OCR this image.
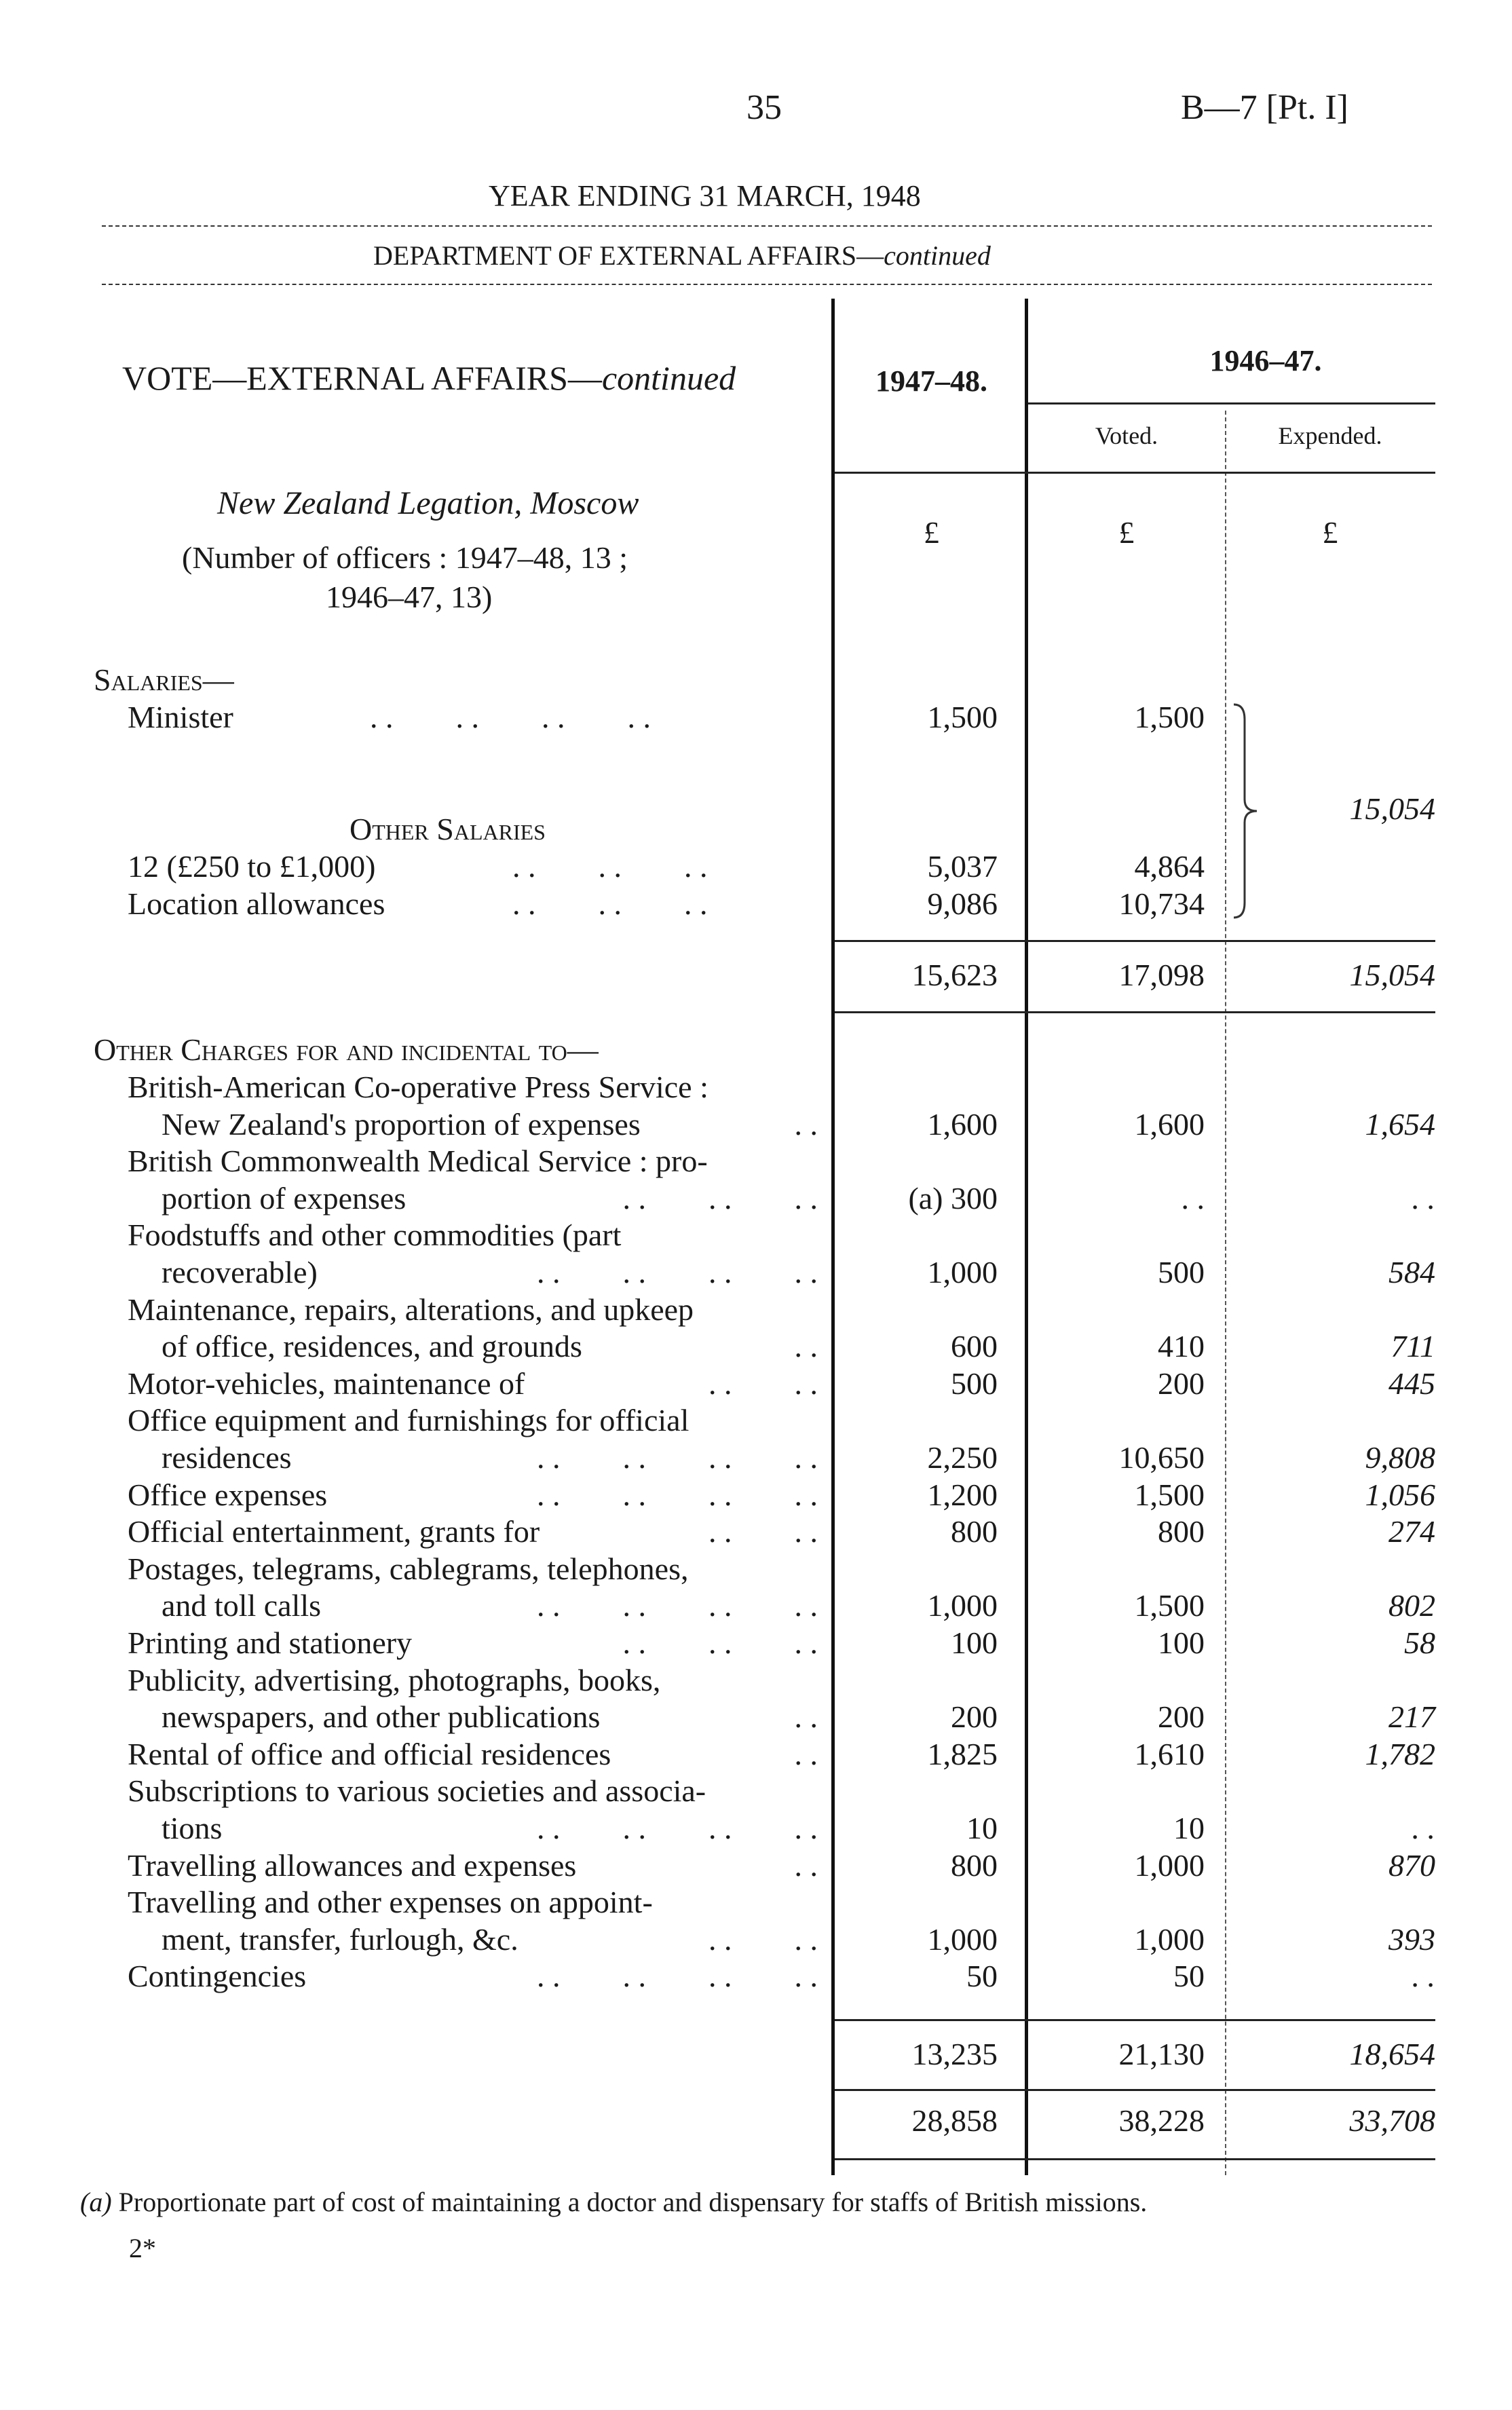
35	B—7 [Pt. I]
YEAR ENDING 31 MARCH, 1948
DEPARTMENT OF EXTERNAL AFFAIRS—continued
VOTE—EXTERNAL AFFAIRS—continued	1947–48.
1946–47.
Voted.	Expended.
New Zealand Legation, Moscow
(Number of officers : 1947–48, 13 ;
1946–47, 13)
£	£	£
Salaries—
Minister	. .        . .        . .        . .	1,500	1,500
Other Salaries
12 (£250 to £1,000)	. .        . .        . .	5,037	4,864
Location allowances	. .        . .        . .	9,086	10,734
15,054
15,623	17,098	15,054
Other Charges for and incidental to—
British-American Co-operative Press Service :
New Zealand's proportion of expenses	. .	1,600	1,600	1,654
British Commonwealth Medical Service : pro-
portion of expenses	. .        . .        . .	(a) 300	. .	. .
Foodstuffs and other commodities (part
recoverable)	. .        . .        . .        . .	1,000	500	584
Maintenance, repairs, alterations, and upkeep
of office, residences, and grounds	. .	600	410	711
Motor-vehicles, maintenance of	. .        . .	500	200	445
Office equipment and furnishings for official
residences	. .        . .        . .        . .	2,250	10,650	9,808
Office expenses	. .        . .        . .        . .	1,200	1,500	1,056
Official entertainment, grants for	. .        . .	800	800	274
Postages, telegrams, cablegrams, telephones,
and toll calls	. .        . .        . .        . .	1,000	1,500	802
Printing and stationery	. .        . .        . .	100	100	58
Publicity, advertising, photographs, books,
newspapers, and other publications	. .	200	200	217
Rental of office and official residences	. .	1,825	1,610	1,782
Subscriptions to various societies and associa-
tions	. .        . .        . .        . .	10	10	. .
Travelling allowances and expenses	. .	800	1,000	870
Travelling and other expenses on appoint-
ment, transfer, furlough, &c.	. .        . .	1,000	1,000	393
Contingencies	. .        . .        . .        . .	50	50	. .
13,235	21,130	18,654
28,858	38,228	33,708
(a) Proportionate part of cost of maintaining a doctor and dispensary for staffs of British missions.
2*
